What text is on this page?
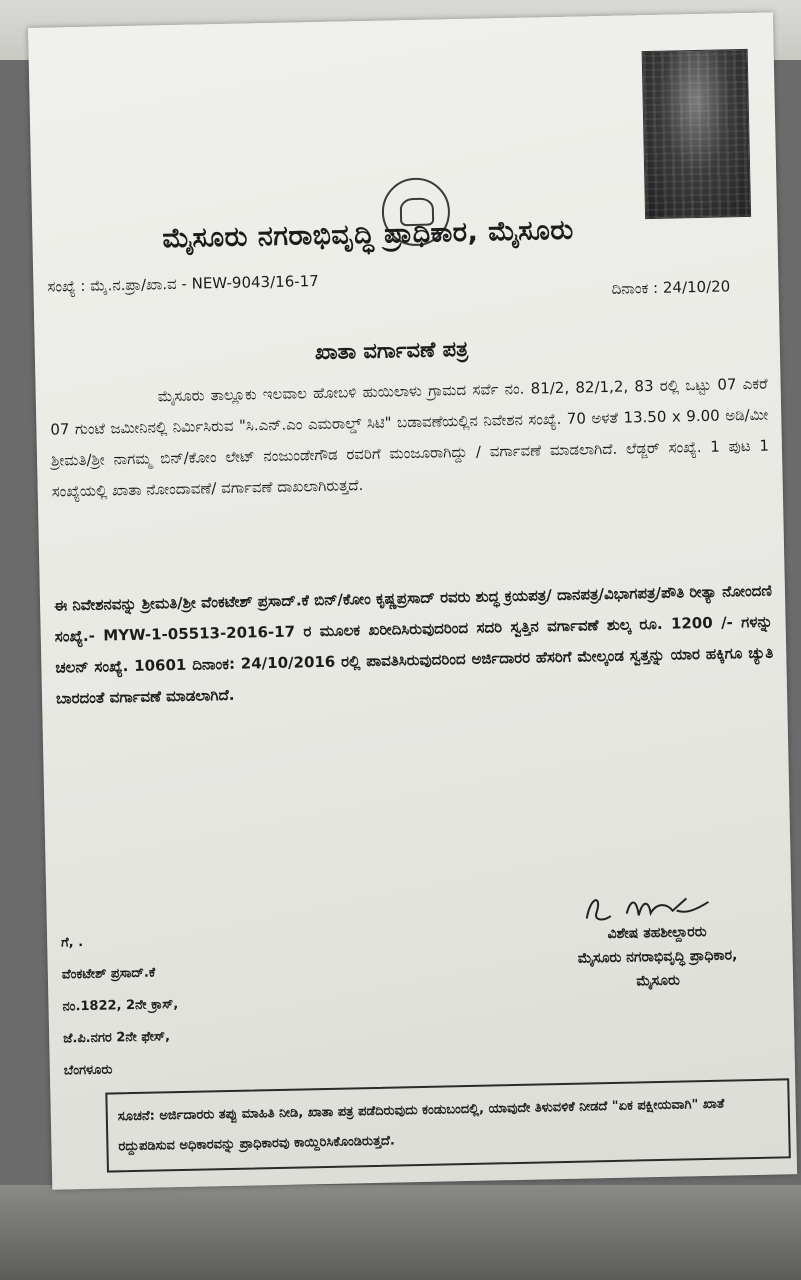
ಮೈಸೂರು ನಗರಾಭಿವೃದ್ಧಿ ಪ್ರಾಧಿಕಾರ, ಮೈಸೂರು
ಸಂಖ್ಯೆ : ಮೈ.ನ.ಪ್ರಾ/ಖಾ.ವ - NEW-9043/16-17	ದಿನಾಂಕ : 24/10/20
ಖಾತಾ ವರ್ಗಾವಣೆ ಪತ್ರ
ಮೈಸೂರು ತಾಲ್ಲೂಕು ಇಲವಾಲ ಹೋಬಳಿ ಹುಯಿಲಾಳು ಗ್ರಾಮದ ಸರ್ವೆ ನಂ. 81/2, 82/1,2, 83 ರಲ್ಲಿ ಒಟ್ಟು 07 ಎಕರೆ 07 ಗುಂಟೆ ಜಮೀನಿನಲ್ಲಿ ನಿರ್ಮಿಸಿರುವ "ಸಿ.ಎನ್.ಎಂ ಎಮರಾಲ್ಡ್ ಸಿಟಿ" ಬಡಾವಣೆಯಲ್ಲಿನ ನಿವೇಶನ ಸಂಖ್ಯೆ. 70 ಅಳತೆ 13.50 x 9.00 ಅಡಿ/ಮೀ ಶ್ರೀಮತಿ/ಶ್ರೀ ನಾಗಮ್ಮ ಬಿನ್/ಕೋಂ ಲೇಟ್ ನಂಜುಂಡೇಗೌಡ ರವರಿಗೆ ಮಂಜೂರಾಗಿದ್ದು / ವರ್ಗಾವಣೆ ಮಾಡಲಾಗಿದೆ. ಲೆಡ್ಜರ್ ಸಂಖ್ಯೆ. 1 ಪುಟ 1 ಸಂಖ್ಯೆಯಲ್ಲಿ ಖಾತಾ ನೋಂದಾವಣೆ/ ವರ್ಗಾವಣೆ ದಾಖಲಾಗಿರುತ್ತದೆ.
ಈ ನಿವೇಶನವನ್ನು ಶ್ರೀಮತಿ/ಶ್ರೀ ವೆಂಕಟೇಶ್ ಪ್ರಸಾದ್.ಕೆ ಬಿನ್/ಕೋಂ ಕೃಷ್ಣಪ್ರಸಾದ್ ರವರು ಶುದ್ಧ ಕ್ರಯಪತ್ರ/ ದಾನಪತ್ರ/ವಿಭಾಗಪತ್ರ/ಪೌತಿ ರೀತ್ಯಾ ನೋಂದಣಿ ಸಂಖ್ಯೆ.- MYW-1-05513-2016-17 ರ ಮೂಲಕ ಖರೀದಿಸಿರುವುದರಿಂದ ಸದರಿ ಸ್ವತ್ತಿನ ವರ್ಗಾವಣೆ ಶುಲ್ಕ ರೂ. 1200 /- ಗಳನ್ನು ಚಲನ್ ಸಂಖ್ಯೆ. 10601 ದಿನಾಂಕ: 24/10/2016 ರಲ್ಲಿ ಪಾವತಿಸಿರುವುದರಿಂದ ಅರ್ಜಿದಾರರ ಹೆಸರಿಗೆ ಮೇಲ್ಕಂಡ ಸ್ವತ್ತನ್ನು ಯಾರ ಹಕ್ಕಿಗೂ ಚ್ಯುತಿ ಬಾರದಂತೆ ವರ್ಗಾವಣೆ ಮಾಡಲಾಗಿದೆ.
ಗೆ, .
ವೆಂಕಟೇಶ್ ಪ್ರಸಾದ್.ಕೆ
ನಂ.1822, 2ನೇ ಕ್ರಾಸ್,
ಜೆ.ಪಿ.ನಗರ 2ನೇ ಫೇಸ್,
ಬೆಂಗಳೂರು
ವಿಶೇಷ ತಹಶೀಲ್ದಾರರು
ಮೈಸೂರು ನಗರಾಭಿವೃದ್ಧಿ ಪ್ರಾಧಿಕಾರ,
ಮೈಸೂರು
ಸೂಚನೆ: ಅರ್ಜಿದಾರರು ತಪ್ಪು ಮಾಹಿತಿ ನೀಡಿ, ಖಾತಾ ಪತ್ರ ಪಡೆದಿರುವುದು ಕಂಡುಬಂದಲ್ಲಿ, ಯಾವುದೇ ತಿಳುವಳಿಕೆ ನೀಡದೆ "ಏಕ ಪಕ್ಷೀಯವಾಗಿ" ಖಾತೆ ರದ್ದುಪಡಿಸುವ ಅಧಿಕಾರವನ್ನು ಪ್ರಾಧಿಕಾರವು ಕಾಯ್ದಿರಿಸಿಕೊಂಡಿರುತ್ತದೆ.
